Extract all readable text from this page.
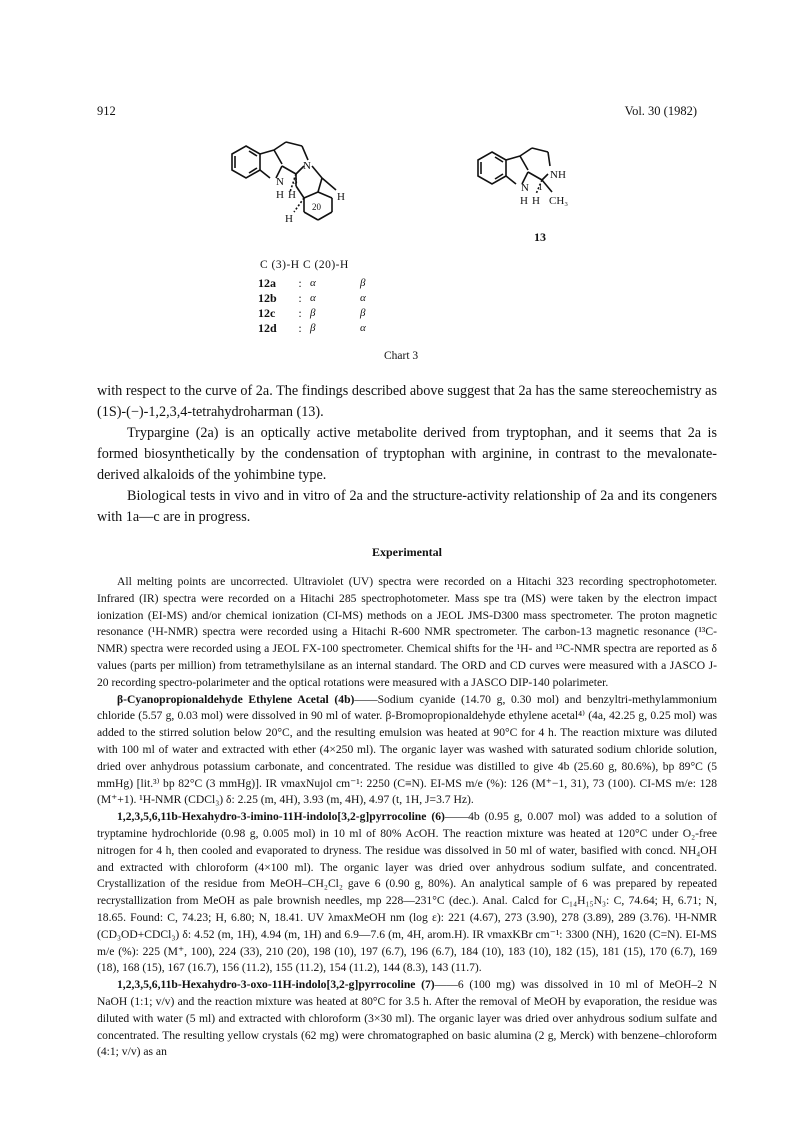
912	Vol. 30 (1982)
N
N
H H	H
H
3
20
N
NH
H H CH₃
1
13
C (3)-H C (20)-H
12a	:	α	β
12b	:	α	α
12c	:	β	β
12d	:	β	α
Chart 3

with respect to the curve of 2a. The findings described above suggest that 2a has the same stereochemistry as (1S)-(−)-1,2,3,4-tetrahydroharman (13).

Trypargine (2a) is an optically active metabolite derived from tryptophan, and it seems that 2a is formed biosynthetically by the condensation of tryptophan with arginine, in contrast to the mevalonate-derived alkaloids of the yohimbine type.

Biological tests in vivo and in vitro of 2a and the structure-activity relationship of 2a and its congeners with 1a—c are in progress.

Experimental

All melting points are uncorrected. Ultraviolet (UV) spectra were recorded on a Hitachi 323 recording spectrophotometer. Infrared (IR) spectra were recorded on a Hitachi 285 spectrophotometer. Mass spe tra (MS) were taken by the electron impact ionization (EI-MS) and/or chemical ionization (CI-MS) methods on a JEOL JMS-D300 mass spectrometer. The proton magnetic resonance (¹H-NMR) spectra were recorded using a Hitachi R-600 NMR spectrometer. The carbon-13 magnetic resonance (¹³C-NMR) spectra were recorded using a JEOL FX-100 spectrometer. Chemical shifts for the ¹H- and ¹³C-NMR spectra are reported as δ values (parts per million) from tetramethylsilane as an internal standard. The ORD and CD curves were measured with a JASCO J-20 recording spectro-polarimeter and the optical rotations were measured with a JASCO DIP-140 polarimeter.

β-Cyanopropionaldehyde Ethylene Acetal (4b)——Sodium cyanide (14.70 g, 0.30 mol) and benzyltri-methylammonium chloride (5.57 g, 0.03 mol) were dissolved in 90 ml of water. β-Bromopropionaldehyde ethylene acetal⁴⁾ (4a, 42.25 g, 0.25 mol) was added to the stirred solution below 20°C, and the resulting emulsion was heated at 90°C for 4 h. The reaction mixture was diluted with 100 ml of water and extracted with ether (4×250 ml). The organic layer was washed with saturated sodium chloride solution, dried over anhydrous potassium carbonate, and concentrated. The residue was distilled to give 4b (25.60 g, 80.6%), bp 89°C (5 mmHg) [lit.³⁾ bp 82°C (3 mmHg)]. IR νmaxNujol cm⁻¹: 2250 (C≡N). EI-MS m/e (%): 126 (M⁺−1, 31), 73 (100). CI-MS m/e: 128 (M⁺+1). ¹H-NMR (CDCl₃) δ: 2.25 (m, 4H), 3.93 (m, 4H), 4.97 (t, 1H, J=3.7 Hz).

1,2,3,5,6,11b-Hexahydro-3-imino-11H-indolo[3,2-g]pyrrocoline (6)——4b (0.95 g, 0.007 mol) was added to a solution of tryptamine hydrochloride (0.98 g, 0.005 mol) in 10 ml of 80% AcOH. The reaction mixture was heated at 120°C under O₂-free nitrogen for 4 h, then cooled and evaporated to dryness. The residue was dissolved in 50 ml of water, basified with concd. NH₄OH and extracted with chloroform (4×100 ml). The organic layer was dried over anhydrous sodium sulfate, and concentrated. Crystallization of the residue from MeOH–CH₂Cl₂ gave 6 (0.90 g, 80%). An analytical sample of 6 was prepared by repeated recrystallization from MeOH as pale brownish needles, mp 228—231°C (dec.). Anal. Calcd for C₁₄H₁₅N₃: C, 74.64; H, 6.71; N, 18.65. Found: C, 74.23; H, 6.80; N, 18.41. UV λmaxMeOH nm (log ε): 221 (4.67), 273 (3.90), 278 (3.89), 289 (3.76). ¹H-NMR (CD₃OD+CDCl₃) δ: 4.52 (m, 1H), 4.94 (m, 1H) and 6.9—7.6 (m, 4H, arom.H). IR νmaxKBr cm⁻¹: 3300 (NH), 1620 (C=N). EI-MS m/e (%): 225 (M⁺, 100), 224 (33), 210 (20), 198 (10), 197 (6.7), 196 (6.7), 184 (10), 183 (10), 182 (15), 181 (15), 170 (6.7), 169 (18), 168 (15), 167 (16.7), 156 (11.2), 155 (11.2), 154 (11.2), 144 (8.3), 143 (11.7).

1,2,3,5,6,11b-Hexahydro-3-oxo-11H-indolo[3,2-g]pyrrocoline (7)——6 (100 mg) was dissolved in 10 ml of MeOH–2 N NaOH (1:1; v/v) and the reaction mixture was heated at 80°C for 3.5 h. After the removal of MeOH by evaporation, the residue was diluted with water (5 ml) and extracted with chloroform (3×30 ml). The organic layer was dried over anhydrous sodium sulfate and concentrated. The resulting yellow crystals (62 mg) were chromatographed on basic alumina (2 g, Merck) with benzene–chloroform (4:1; v/v) as an
